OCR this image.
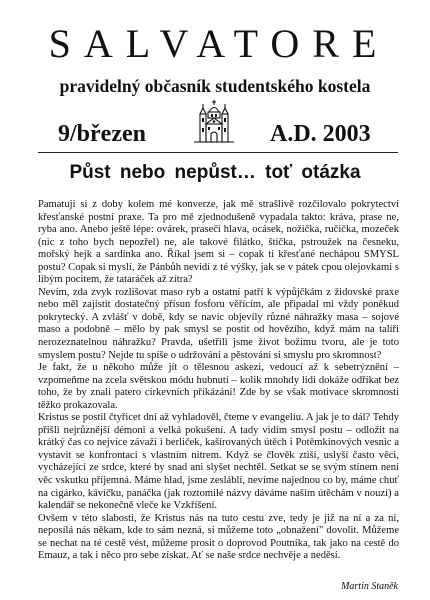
SALVATORE
pravidelný občasník studentského kostela
9/březen	A.D. 2003
Půst nebo nepůst… toť otázka

Pamatuji si z doby kolem mé konverze, jak mě strašlivě rozčilovalo pokrytectví křesťanské postní praxe. Ta pro mě zjednodušeně vypadala takto: kráva, prase ne, ryba ano. Anebo ještě lépe: ovárek, prasečí hlava, ocásek, nožička, ručička, mozeček (nic z toho bych nepozřel) ne, ale takové filátko, štička, pstroužek na česneku, mořský hejk a sardinka ano. Říkal jsem si – copak ti křesťané nechápou SMYSL postu? Copak si myslí, že Pánbůh nevidí z té výšky, jak se v pátek cpou olejovkami s libým pocitem, že tataráček až zítra?

Nevím, zda zvyk rozlišovat maso ryb a ostatní patří k výpůjčkám z židovské praxe nebo měl zajistit dostatečný přísun fosforu věřícím, ale připadal mi vždy poněkud pokrytecký. A zvlášť v době, kdy se navíc objevily různé náhražky masa – sojové maso a podobně – mělo by pak smysl se postit od hovězího, když mám na talíři nerozeznatelnou náhražku? Pravda, ušetřili jsme život božímu tvoru, ale je toto smyslem postu? Nejde tu spíše o udržování a pěstování si smyslu pro skromnost?

Je fakt, že u někoho může jít o tělesnou askezi, vedoucí až k sebetrýznění – vzpomeňme na zcela světskou módu hubnutí – kolik mnohdy lidi dokáže odříkat bez toho, že by znali patero církevních přikázání! Zde by se však motivace skromnosti těžko prokazovala.

Kristus se postil čtyřicet dní až vyhladověl, čteme v evangeliu. A jak je to dál? Tehdy přišli nejrůznější démoni a velká pokušení. A tady vidím smysl postu – odložit na krátký čas co nejvíce závaží i berliček, kašírovaných útěch i Potěmkinových vesnic a vystavit se konfrontaci s vlastním nitrem. Když se člověk ztiší, uslyší často věci, vycházející ze srdce, které by snad ani slyšet nechtěl. Setkat se se svým stínem není věc vskutku příjemná. Máme hlad, jsme zesláblí, nevíme najednou co by, máme chuť na cigárko, kávičku, panáčka (jak roztomilé názvy dáváme našim útěchám v nouzi) a kalendář se nekonečně vleče ke Vzkříšení.

Ovšem v této slabosti, že Kristus nás na tuto cestu zve, tedy je již na ní a za ní, neposílá nás někam, kde to sám nezná, si můžeme toto „obnažení" dovolit. Můžeme se nechat na té cestě vést, můžeme prosit o doprovod Poutníka, tak jako na cestě do Emauz, a tak i něco pro sebe získat. Ať se naše srdce nechvěje a neděsí.

Martin Staněk
